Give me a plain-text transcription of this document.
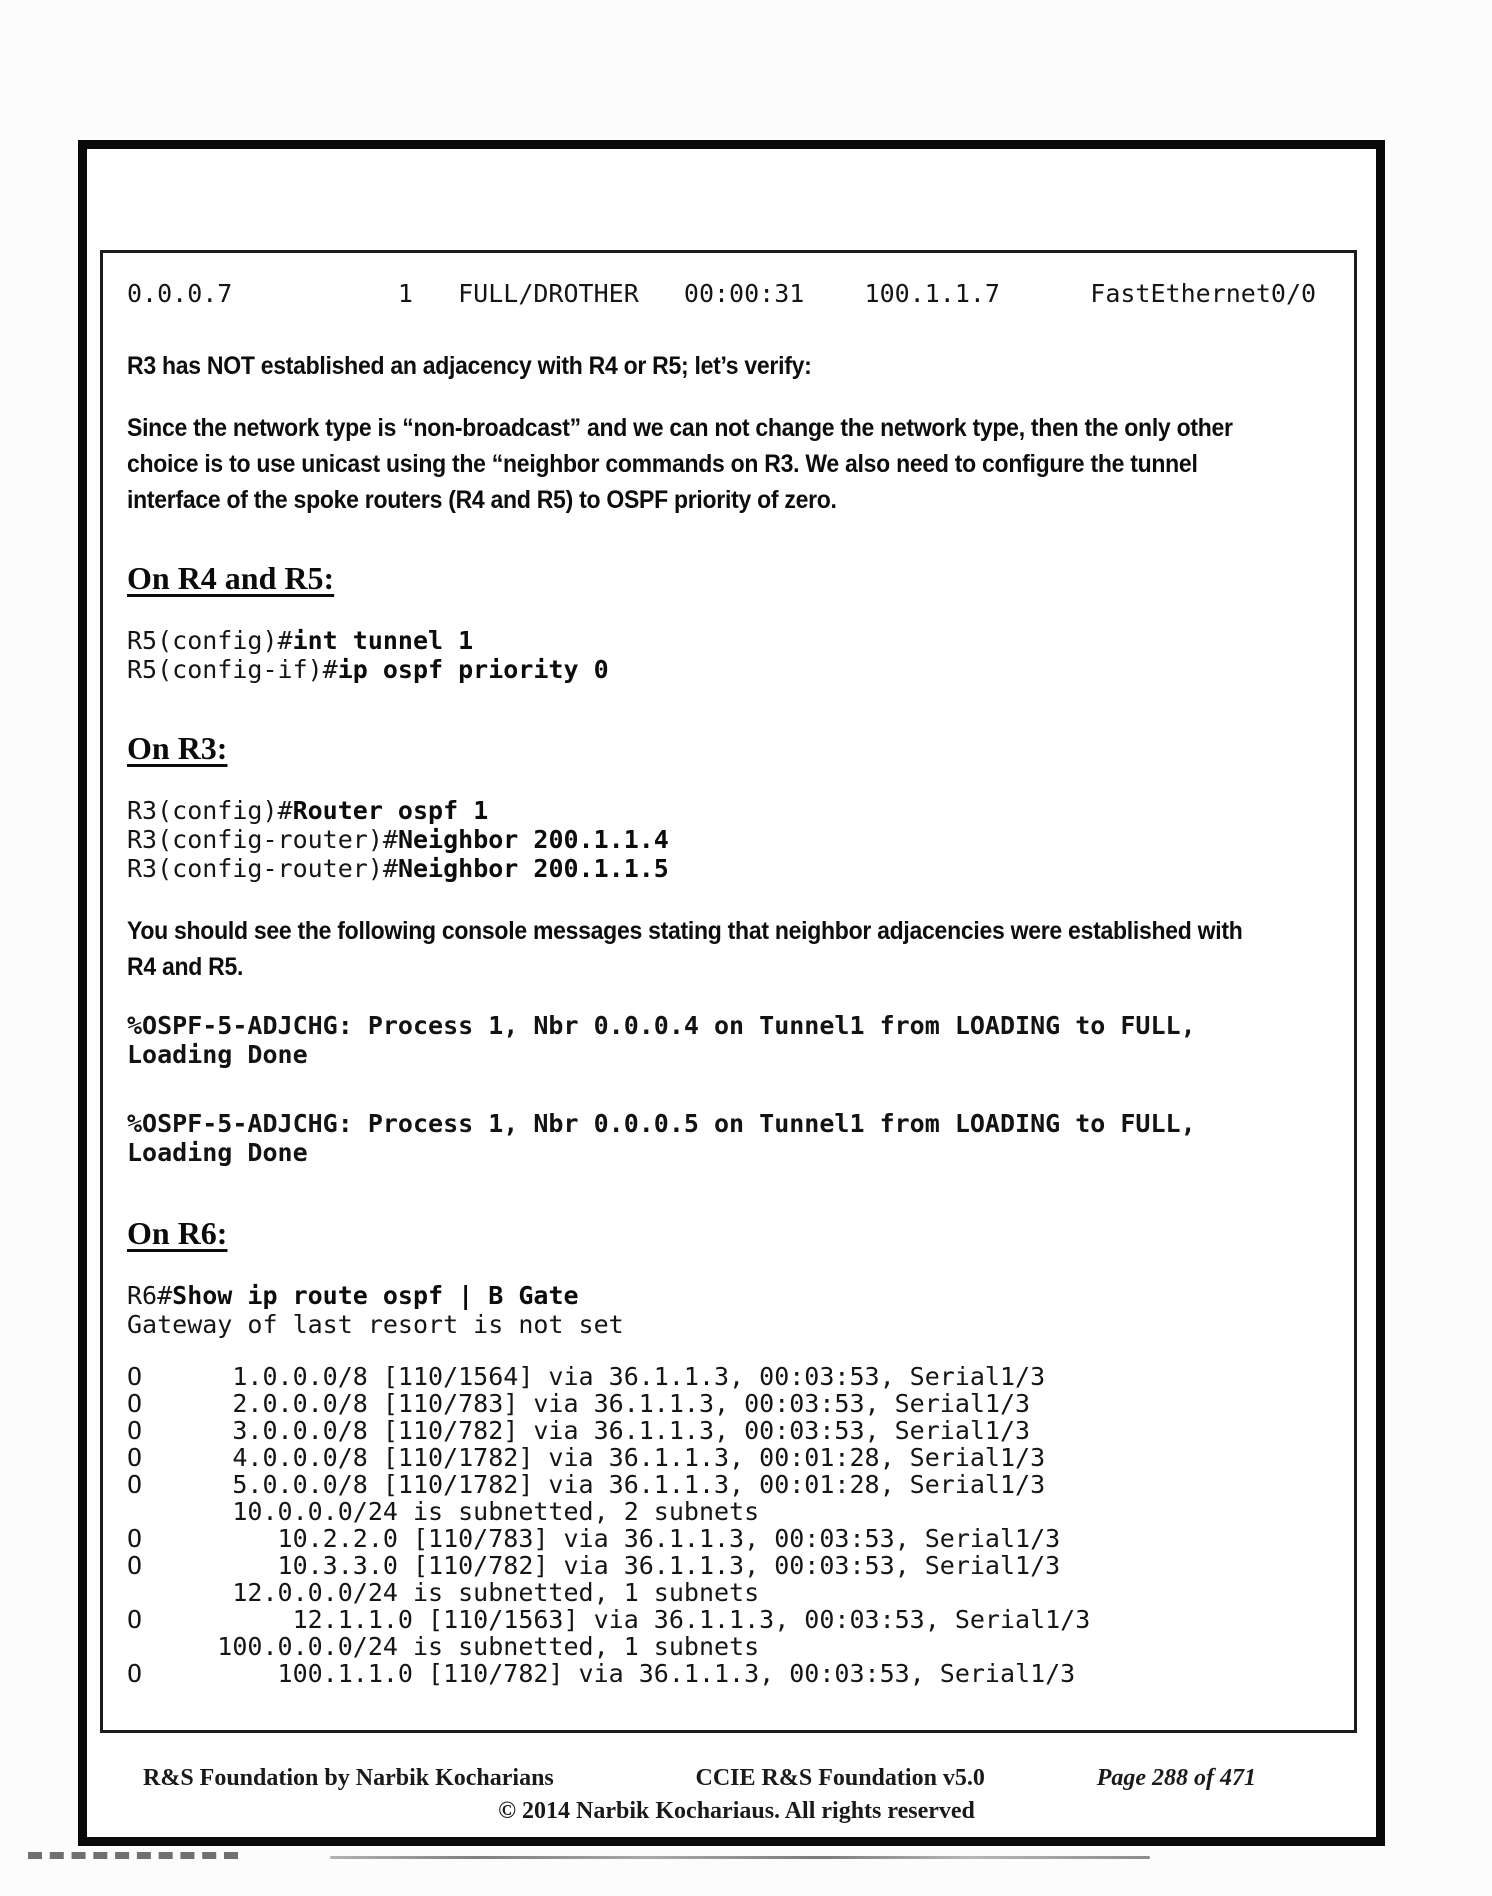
0.0.0.7           1   FULL/DROTHER   00:00:31    100.1.1.7      FastEthernet0/0
R3 has NOT established an adjacency with R4 or R5; let’s verify:
Since the network type is “non-broadcast” and we can not change the network type, then the only other
choice is to use unicast using the “neighbor commands on R3. We also need to configure the tunnel
interface of the spoke routers (R4 and R5) to OSPF priority of zero.
On R4 and R5:
R5(config)#int tunnel 1
R5(config-if)#ip ospf priority 0
On R3:
R3(config)#Router ospf 1
R3(config-router)#Neighbor 200.1.1.4
R3(config-router)#Neighbor 200.1.1.5
You should see the following console messages stating that neighbor adjacencies were established with
R4 and R5.
%OSPF-5-ADJCHG: Process 1, Nbr 0.0.0.4 on Tunnel1 from LOADING to FULL,
Loading Done
%OSPF-5-ADJCHG: Process 1, Nbr 0.0.0.5 on Tunnel1 from LOADING to FULL,
Loading Done
On R6:
R6#Show ip route ospf | B Gate
Gateway of last resort is not set
O      1.0.0.0/8 [110/1564] via 36.1.1.3, 00:03:53, Serial1/3
O      2.0.0.0/8 [110/783] via 36.1.1.3, 00:03:53, Serial1/3
O      3.0.0.0/8 [110/782] via 36.1.1.3, 00:03:53, Serial1/3
O      4.0.0.0/8 [110/1782] via 36.1.1.3, 00:01:28, Serial1/3
O      5.0.0.0/8 [110/1782] via 36.1.1.3, 00:01:28, Serial1/3
10.0.0.0/24 is subnetted, 2 subnets
O         10.2.2.0 [110/783] via 36.1.1.3, 00:03:53, Serial1/3
O         10.3.3.0 [110/782] via 36.1.1.3, 00:03:53, Serial1/3
12.0.0.0/24 is subnetted, 1 subnets
O          12.1.1.0 [110/1563] via 36.1.1.3, 00:03:53, Serial1/3
100.0.0.0/24 is subnetted, 1 subnets
O         100.1.1.0 [110/782] via 36.1.1.3, 00:03:53, Serial1/3
R&S Foundation by Narbik Kocharians	CCIE R&S Foundation v5.0	Page 288 of 471
© 2014 Narbik Kochariaus. All rights reserved
